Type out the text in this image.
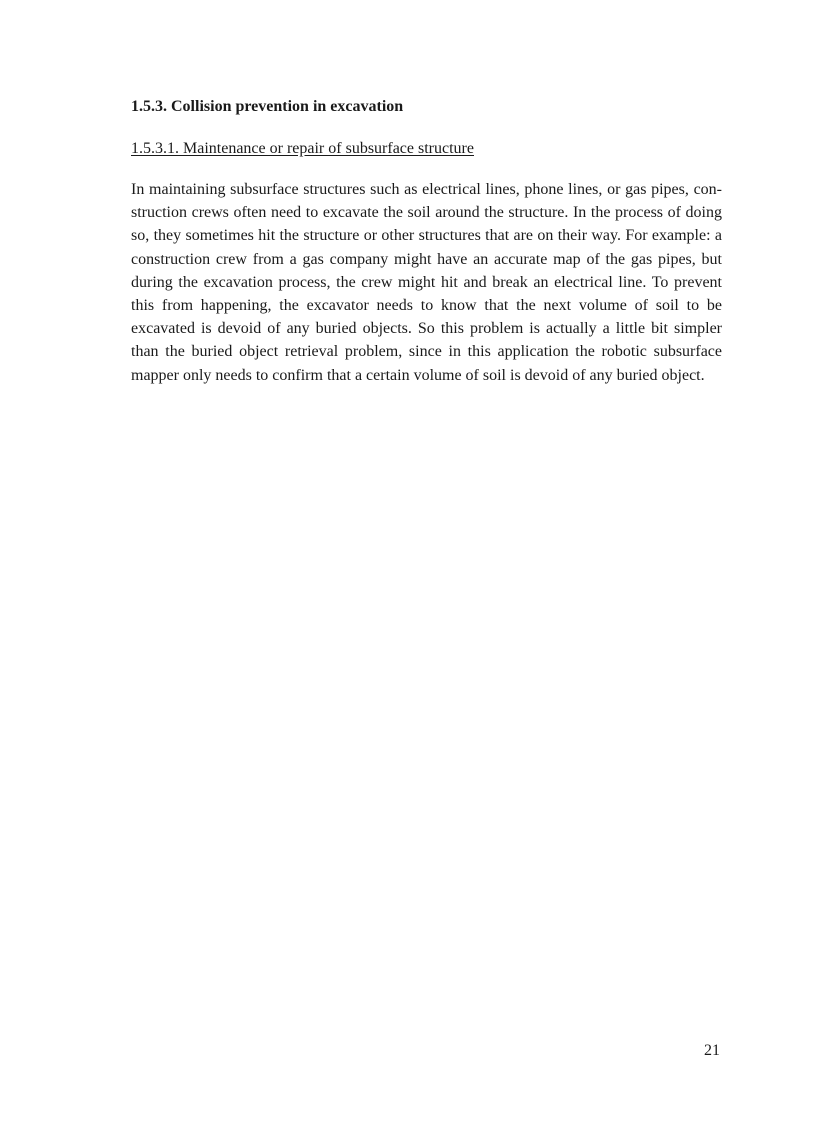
1.5.3. Collision prevention in excavation
1.5.3.1. Maintenance or repair of subsurface structure

In maintaining subsurface structures such as electrical lines, phone lines, or gas pipes, construction crews often need to excavate the soil around the structure. In the process of doing so, they sometimes hit the structure or other structures that are on their way. For example: a construction crew from a gas company might have an accurate map of the gas pipes, but during the excavation process, the crew might hit and break an electrical line. To prevent this from happening, the excavator needs to know that the next volume of soil to be excavated is devoid of any buried objects. So this problem is actually a little bit simpler than the buried object retrieval problem, since in this application the robotic subsurface mapper only needs to confirm that a certain volume of soil is devoid of any buried object.

21
